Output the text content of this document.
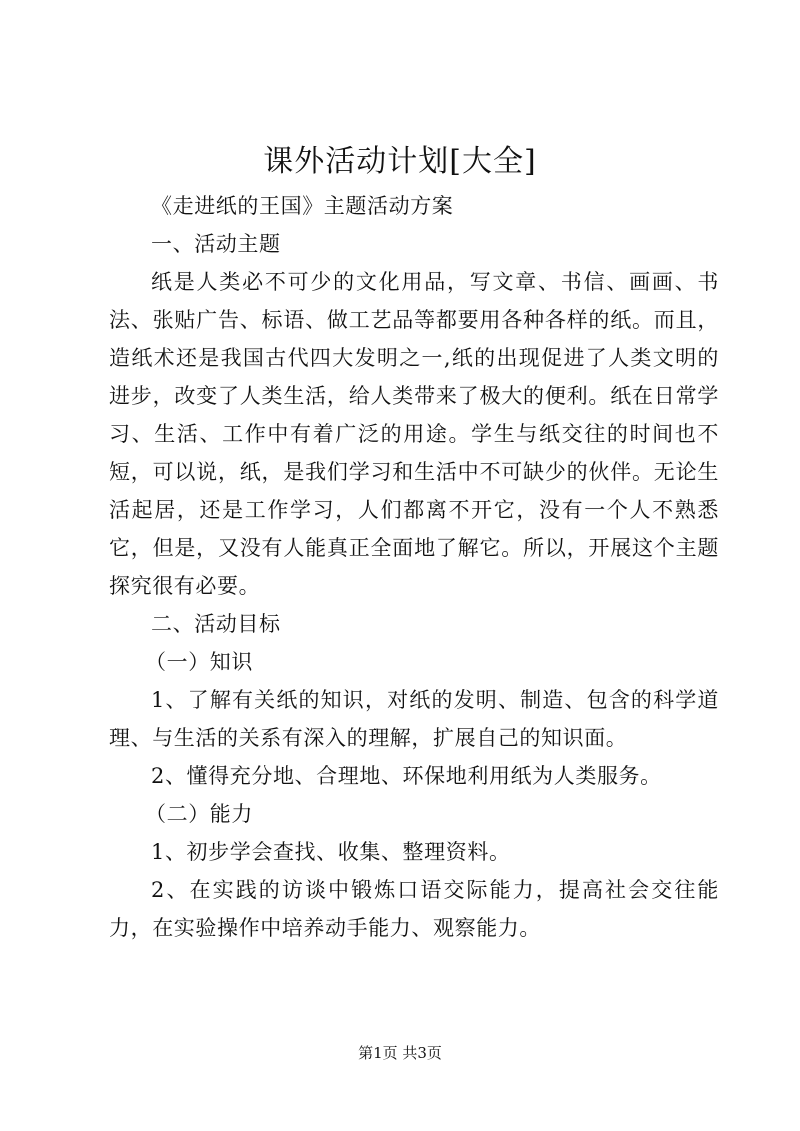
课外活动计划[大全]

《走进纸的王国》主题活动方案

一、活动主题

纸是人类必不可少的文化用品，写文章、书信、画画、书法、张贴广告、标语、做工艺品等都要用各种各样的纸。而且，造纸术还是我国古代四大发明之一,纸的出现促进了人类文明的进步，改变了人类生活，给人类带来了极大的便利。纸在日常学习、生活、工作中有着广泛的用途。学生与纸交往的时间也不短，可以说，纸，是我们学习和生活中不可缺少的伙伴。无论生活起居，还是工作学习，人们都离不开它，没有一个人不熟悉它，但是，又没有人能真正全面地了解它。所以，开展这个主题探究很有必要。

二、活动目标

（一）知识

1、了解有关纸的知识，对纸的发明、制造、包含的科学道理、与生活的关系有深入的理解，扩展自己的知识面。

2、懂得充分地、合理地、环保地利用纸为人类服务。

（二）能力

1、初步学会查找、收集、整理资料。

2、在实践的访谈中锻炼口语交际能力，提高社会交往能力，在实验操作中培养动手能力、观察能力。

第1页 共3页
